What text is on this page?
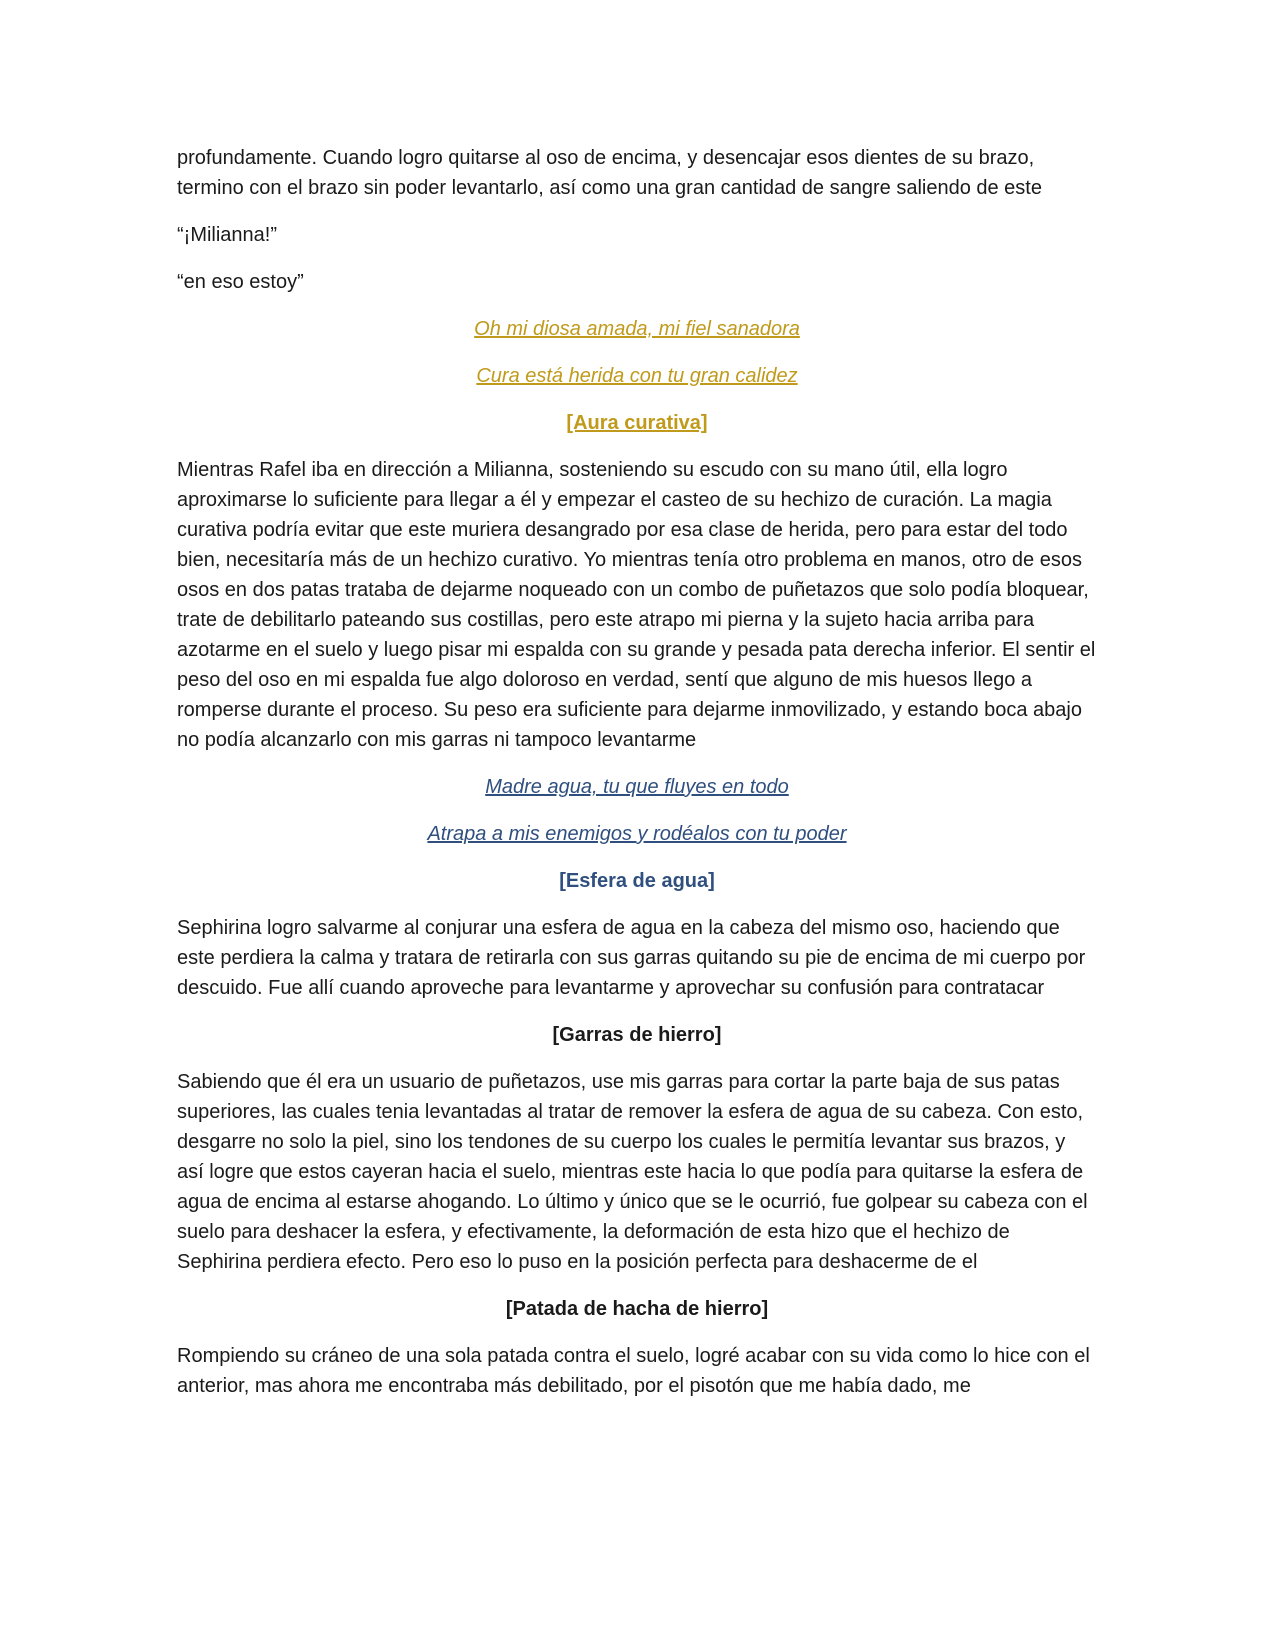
profundamente. Cuando logro quitarse al oso de encima, y desencajar esos dientes de su brazo, termino con el brazo sin poder levantarlo, así como una gran cantidad de sangre saliendo de este

“¡Milianna!”

“en eso estoy”

Oh mi diosa amada, mi fiel sanadora

Cura está herida con tu gran calidez

[Aura curativa]

Mientras Rafel iba en dirección a Milianna, sosteniendo su escudo con su mano útil, ella logro aproximarse lo suficiente para llegar a él y empezar el casteo de su hechizo de curación. La magia curativa podría evitar que este muriera desangrado por esa clase de herida, pero para estar del todo bien, necesitaría más de un hechizo curativo. Yo mientras tenía otro problema en manos, otro de esos osos en dos patas trataba de dejarme noqueado con un combo de puñetazos que solo podía bloquear, trate de debilitarlo pateando sus costillas, pero este atrapo mi pierna y la sujeto hacia arriba para azotarme en el suelo y luego pisar mi espalda con su grande y pesada pata derecha inferior. El sentir el peso del oso en mi espalda fue algo doloroso en verdad, sentí que alguno de mis huesos llego a romperse durante el proceso. Su peso era suficiente para dejarme inmovilizado, y estando boca abajo no podía alcanzarlo con mis garras ni tampoco levantarme

Madre agua, tu que fluyes en todo

Atrapa a mis enemigos y rodéalos con tu poder

[Esfera de agua]

Sephirina logro salvarme al conjurar una esfera de agua en la cabeza del mismo oso, haciendo que este perdiera la calma y tratara de retirarla con sus garras quitando su pie de encima de mi cuerpo por descuido. Fue allí cuando aproveche para levantarme y aprovechar su confusión para contratacar

[Garras de hierro]

Sabiendo que él era un usuario de puñetazos, use mis garras para cortar la parte baja de sus patas superiores, las cuales tenia levantadas al tratar de remover la esfera de agua de su cabeza. Con esto, desgarre no solo la piel, sino los tendones de su cuerpo los cuales le permitía levantar sus brazos, y así logre que estos cayeran hacia el suelo, mientras este hacia lo que podía para quitarse la esfera de agua de encima al estarse ahogando. Lo último y único que se le ocurrió, fue golpear su cabeza con el suelo para deshacer la esfera, y efectivamente, la deformación de esta hizo que el hechizo de Sephirina perdiera efecto. Pero eso lo puso en la posición perfecta para deshacerme de el

[Patada de hacha de hierro]

Rompiendo su cráneo de una sola patada contra el suelo, logré acabar con su vida como lo hice con el anterior, mas ahora me encontraba más debilitado, por el pisotón que me había dado, me
